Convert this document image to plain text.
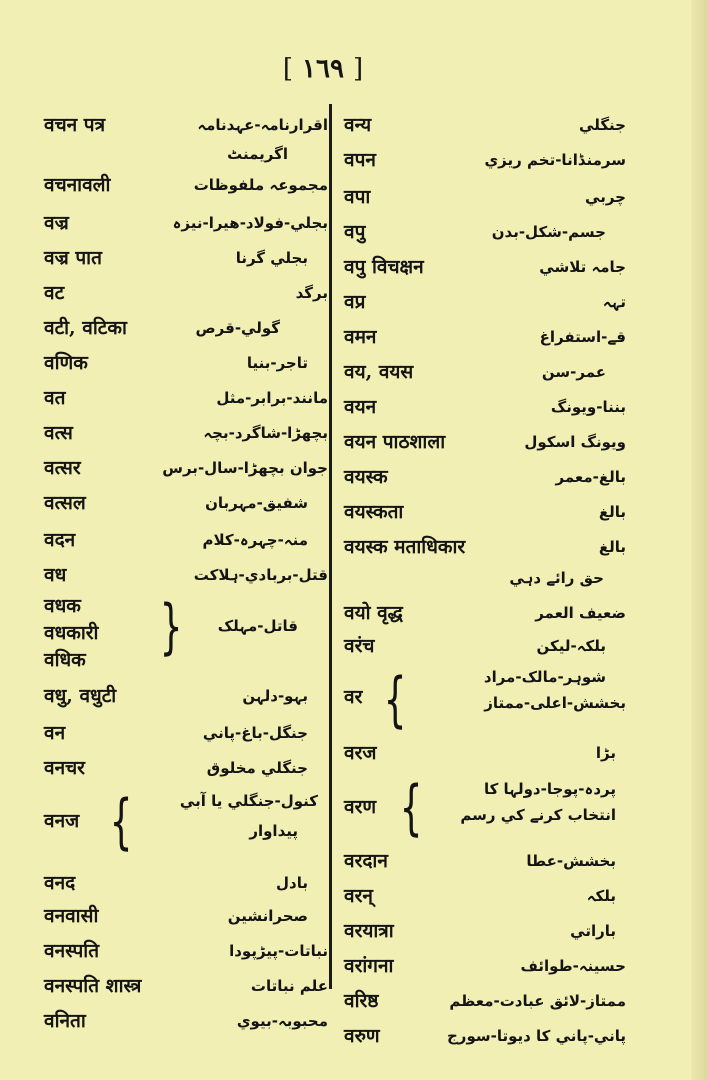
[ ١٦٩ ]
वचन पत्र	اقرارنامہ-عہدنامہ
اگریمنٹ
वचनावली	مجموعہ ملفوظات
वज्र	بجلي-فولاد-ھیرا-نیزہ
वज्र पात	بجلي گرنا
वट	برگد
वटी, वटिका	گولي-قرص
वणिक	تاجر-بنیا
वत	مانند-برابر-مثل
वत्स	بچھڑا-شاگرد-بچہ
वत्सर	جوان بچھڑا-سال-برس
वत्सल	شفیق-مہربان
वदन	منہ-چہرہ-کلام
वध	قتل-بربادي-ہلاکت
वधक
वधकारी
वधिक } قاتل-مہلک
वधु, वधुटी	بہو-دلہن
वन	جنگل-باغ-پاني
वनचर	جنگلي مخلوق
वनज {	کنول-جنگلي یا آبي
پیداوار
वनद	بادل
वनवासी	صحرانشین
वनस्पति	نباتات-پیڑپودا
वनस्पति शास्त्र	علم نباتات
वनिता	محبوبہ-بیوي
वन्य	جنگلي
वपन	سرمنڈانا-تخم ریزي
वपा	چربي
वपु	جسم-شکل-بدن
वपु विचक्षन	جامہ تلاشي
वप्र	تہہ
वमन	قے-استفراغ
वय, वयस	عمر-سن
वयन	بننا-ویونگ
वयन पाठशाला	ویونگ اسکول
वयस्क	بالغ-معمر
वयस्कता	بالغ
वयस्क मताधिकार	بالغ
حق رائے دہي
वयो वृद्ध	ضعیف العمر
वरंच	بلکہ-لیکن
वर {	شوہر-مالک-مراد
بخشش-اعلی-ممتاز
वरज	بڑا
वरण {	پردہ-پوجا-دولہا کا
انتخاب کرنے کي رسم
वरदान	بخشش-عطا
वरन्	بلکہ
वरयात्रा	باراتي
वरांगना	حسینہ-طوائف
वरिष्ठ	ممتاز-لائق عبادت-معظم
वरुण	پاني-پاني کا دیوتا-سورج
